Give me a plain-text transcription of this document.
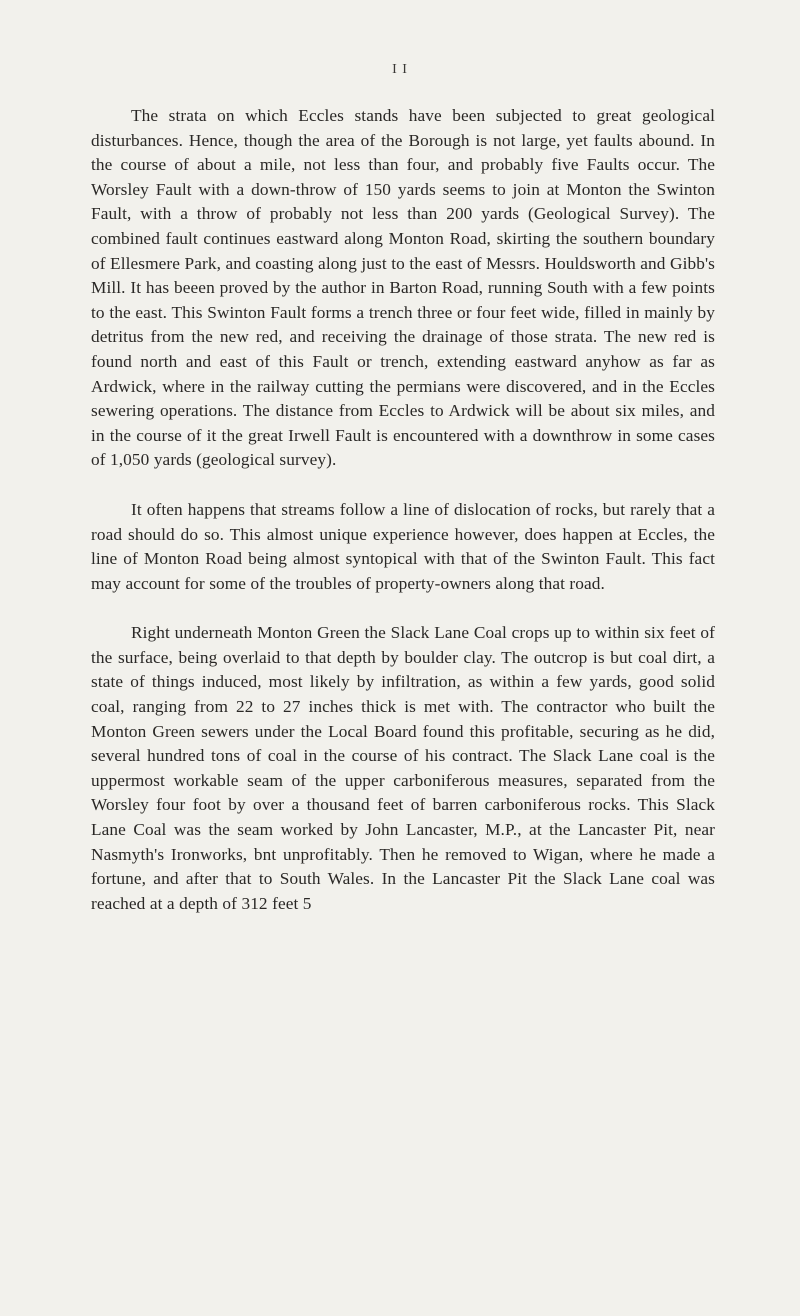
I I

The strata on which Eccles stands have been subjected to great geological disturbances. Hence, though the area of the Borough is not large, yet faults abound. In the course of about a mile, not less than four, and probably five Faults occur. The Worsley Fault with a down-throw of 150 yards seems to join at Monton the Swinton Fault, with a throw of probably not less than 200 yards (Geological Survey). The combined fault continues eastward along Monton Road, skirting the southern boundary of Ellesmere Park, and coasting along just to the east of Messrs. Houldsworth and Gibb's Mill. It has beeen proved by the author in Barton Road, running South with a few points to the east. This Swinton Fault forms a trench three or four feet wide, filled in mainly by detritus from the new red, and receiving the drainage of those strata. The new red is found north and east of this Fault or trench, extending eastward anyhow as far as Ardwick, where in the railway cutting the permians were discovered, and in the Eccles sewering operations. The distance from Eccles to Ardwick will be about six miles, and in the course of it the great Irwell Fault is encountered with a downthrow in some cases of 1,050 yards (geological survey).

It often happens that streams follow a line of dislocation of rocks, but rarely that a road should do so. This almost unique experience however, does happen at Eccles, the line of Monton Road being almost syntopical with that of the Swinton Fault. This fact may account for some of the troubles of property-owners along that road.

Right underneath Monton Green the Slack Lane Coal crops up to within six feet of the surface, being overlaid to that depth by boulder clay. The outcrop is but coal dirt, a state of things induced, most likely by infiltration, as within a few yards, good solid coal, ranging from 22 to 27 inches thick is met with. The contractor who built the Monton Green sewers under the Local Board found this profitable, securing as he did, several hundred tons of coal in the course of his contract. The Slack Lane coal is the uppermost workable seam of the upper carboniferous measures, separated from the Worsley four foot by over a thousand feet of barren carboniferous rocks. This Slack Lane Coal was the seam worked by John Lancaster, M.P., at the Lancaster Pit, near Nasmyth's Ironworks, bnt unprofitably. Then he removed to Wigan, where he made a fortune, and after that to South Wales. In the Lancaster Pit the Slack Lane coal was reached at a depth of 312 feet 5
